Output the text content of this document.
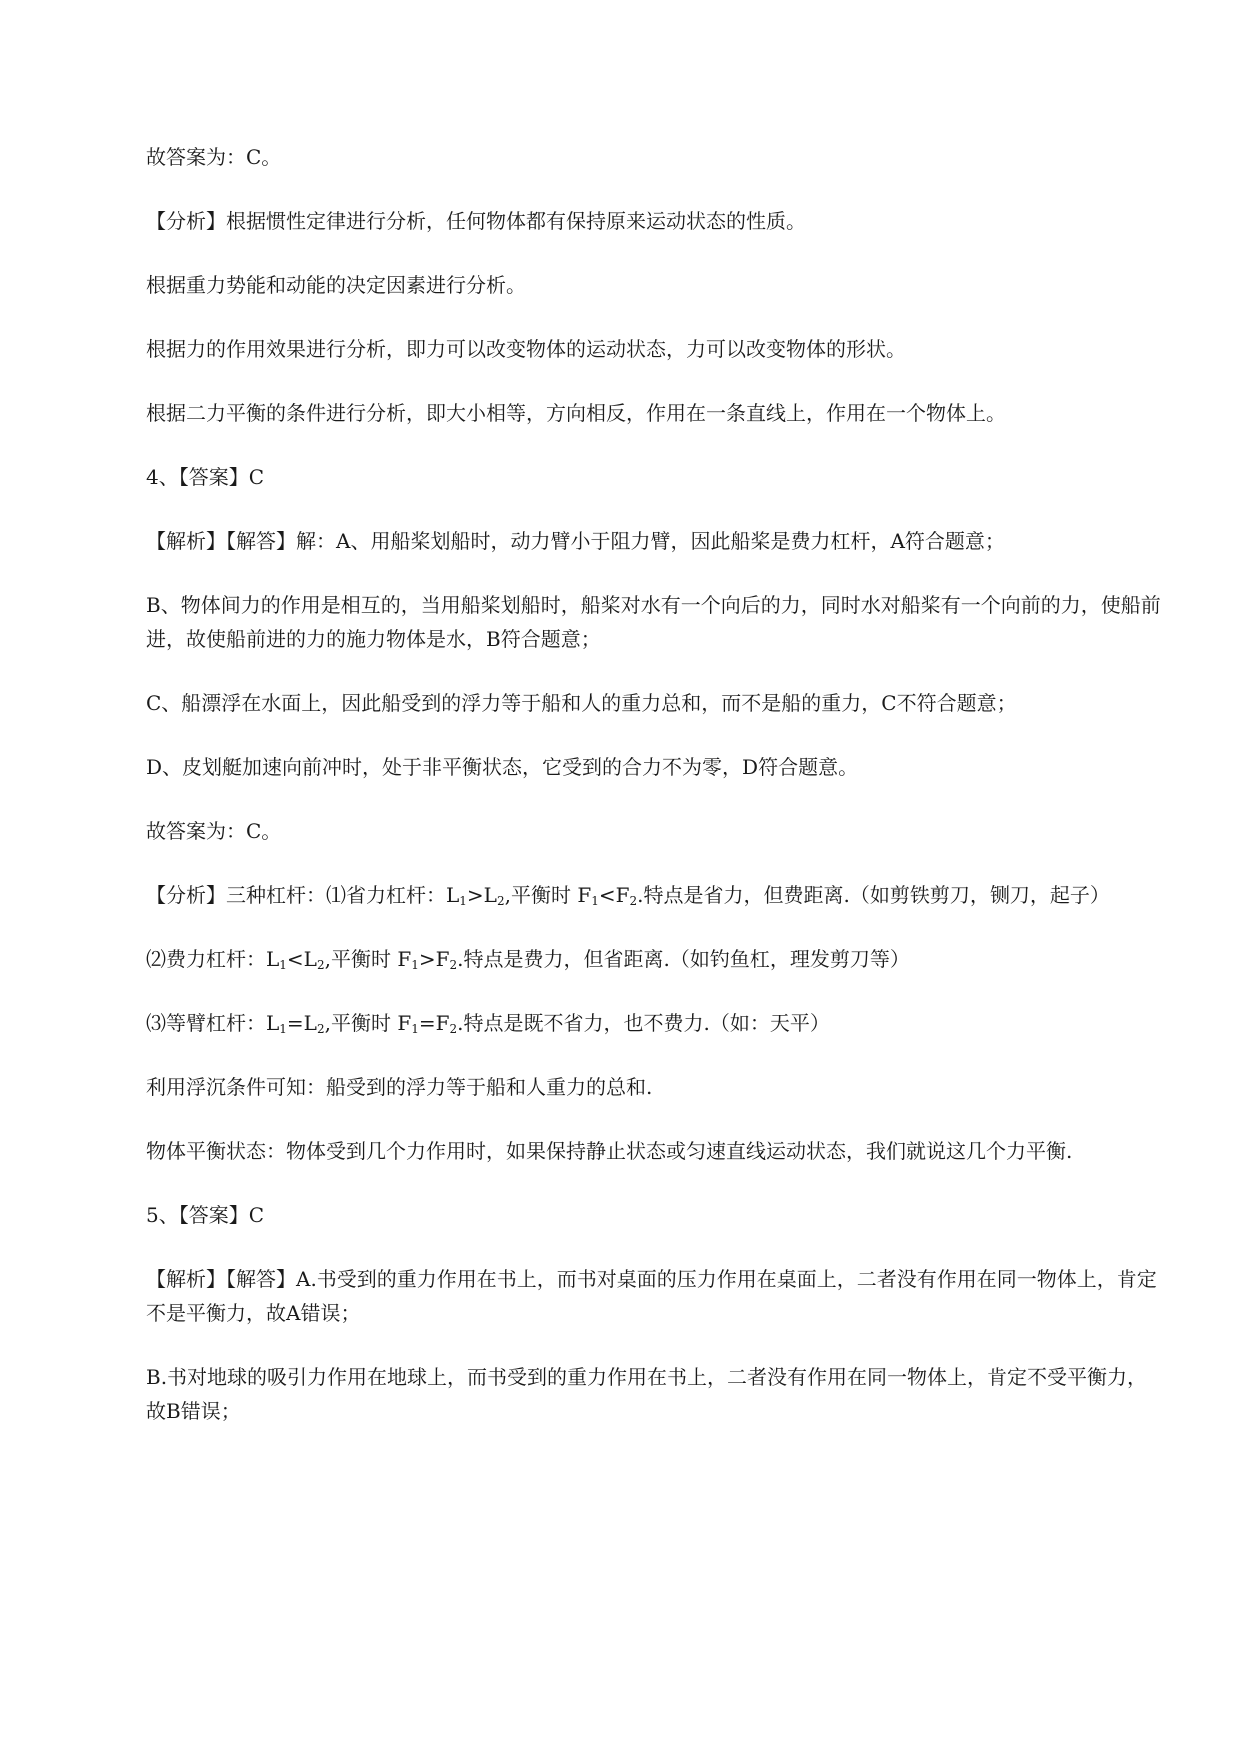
故答案为：C。

【分析】根据惯性定律进行分析，任何物体都有保持原来运动状态的性质。

根据重力势能和动能的决定因素进行分析。

根据力的作用效果进行分析，即力可以改变物体的运动状态，力可以改变物体的形状。

根据二力平衡的条件进行分析，即大小相等，方向相反，作用在一条直线上，作用在一个物体上。

4、【答案】C

【解析】【解答】解：A、用船桨划船时，动力臂小于阻力臂，因此船桨是费力杠杆，A符合题意；

B、物体间力的作用是相互的，当用船桨划船时，船桨对水有一个向后的力，同时水对船桨有一个向前的力，使船前进，故使船前进的力的施力物体是水，B符合题意；

C、船漂浮在水面上，因此船受到的浮力等于船和人的重力总和，而不是船的重力，C不符合题意；

D、皮划艇加速向前冲时，处于非平衡状态，它受到的合力不为零，D符合题意。

故答案为：C。

【分析】三种杠杆：⑴省力杠杆：$L_1>L_2$,平衡时 $F_1<F_2$.特点是省力，但费距离.（如剪铁剪刀，铡刀，起子）

⑵费力杠杆：$L_1<L_2$,平衡时 $F_1>F_2$.特点是费力，但省距离.（如钓鱼杠，理发剪刀等）

⑶等臂杠杆：$L_1=L_2$,平衡时 $F_1=F_2$.特点是既不省力，也不费力.（如：天平）

利用浮沉条件可知：船受到的浮力等于船和人重力的总和.

物体平衡状态：物体受到几个力作用时，如果保持静止状态或匀速直线运动状态，我们就说这几个力平衡.

5、【答案】C

【解析】【解答】A.书受到的重力作用在书上，而书对桌面的压力作用在桌面上，二者没有作用在同一物体上，肯定不是平衡力，故A错误；

B.书对地球的吸引力作用在地球上，而书受到的重力作用在书上，二者没有作用在同一物体上，肯定不受平衡力，故B错误；
